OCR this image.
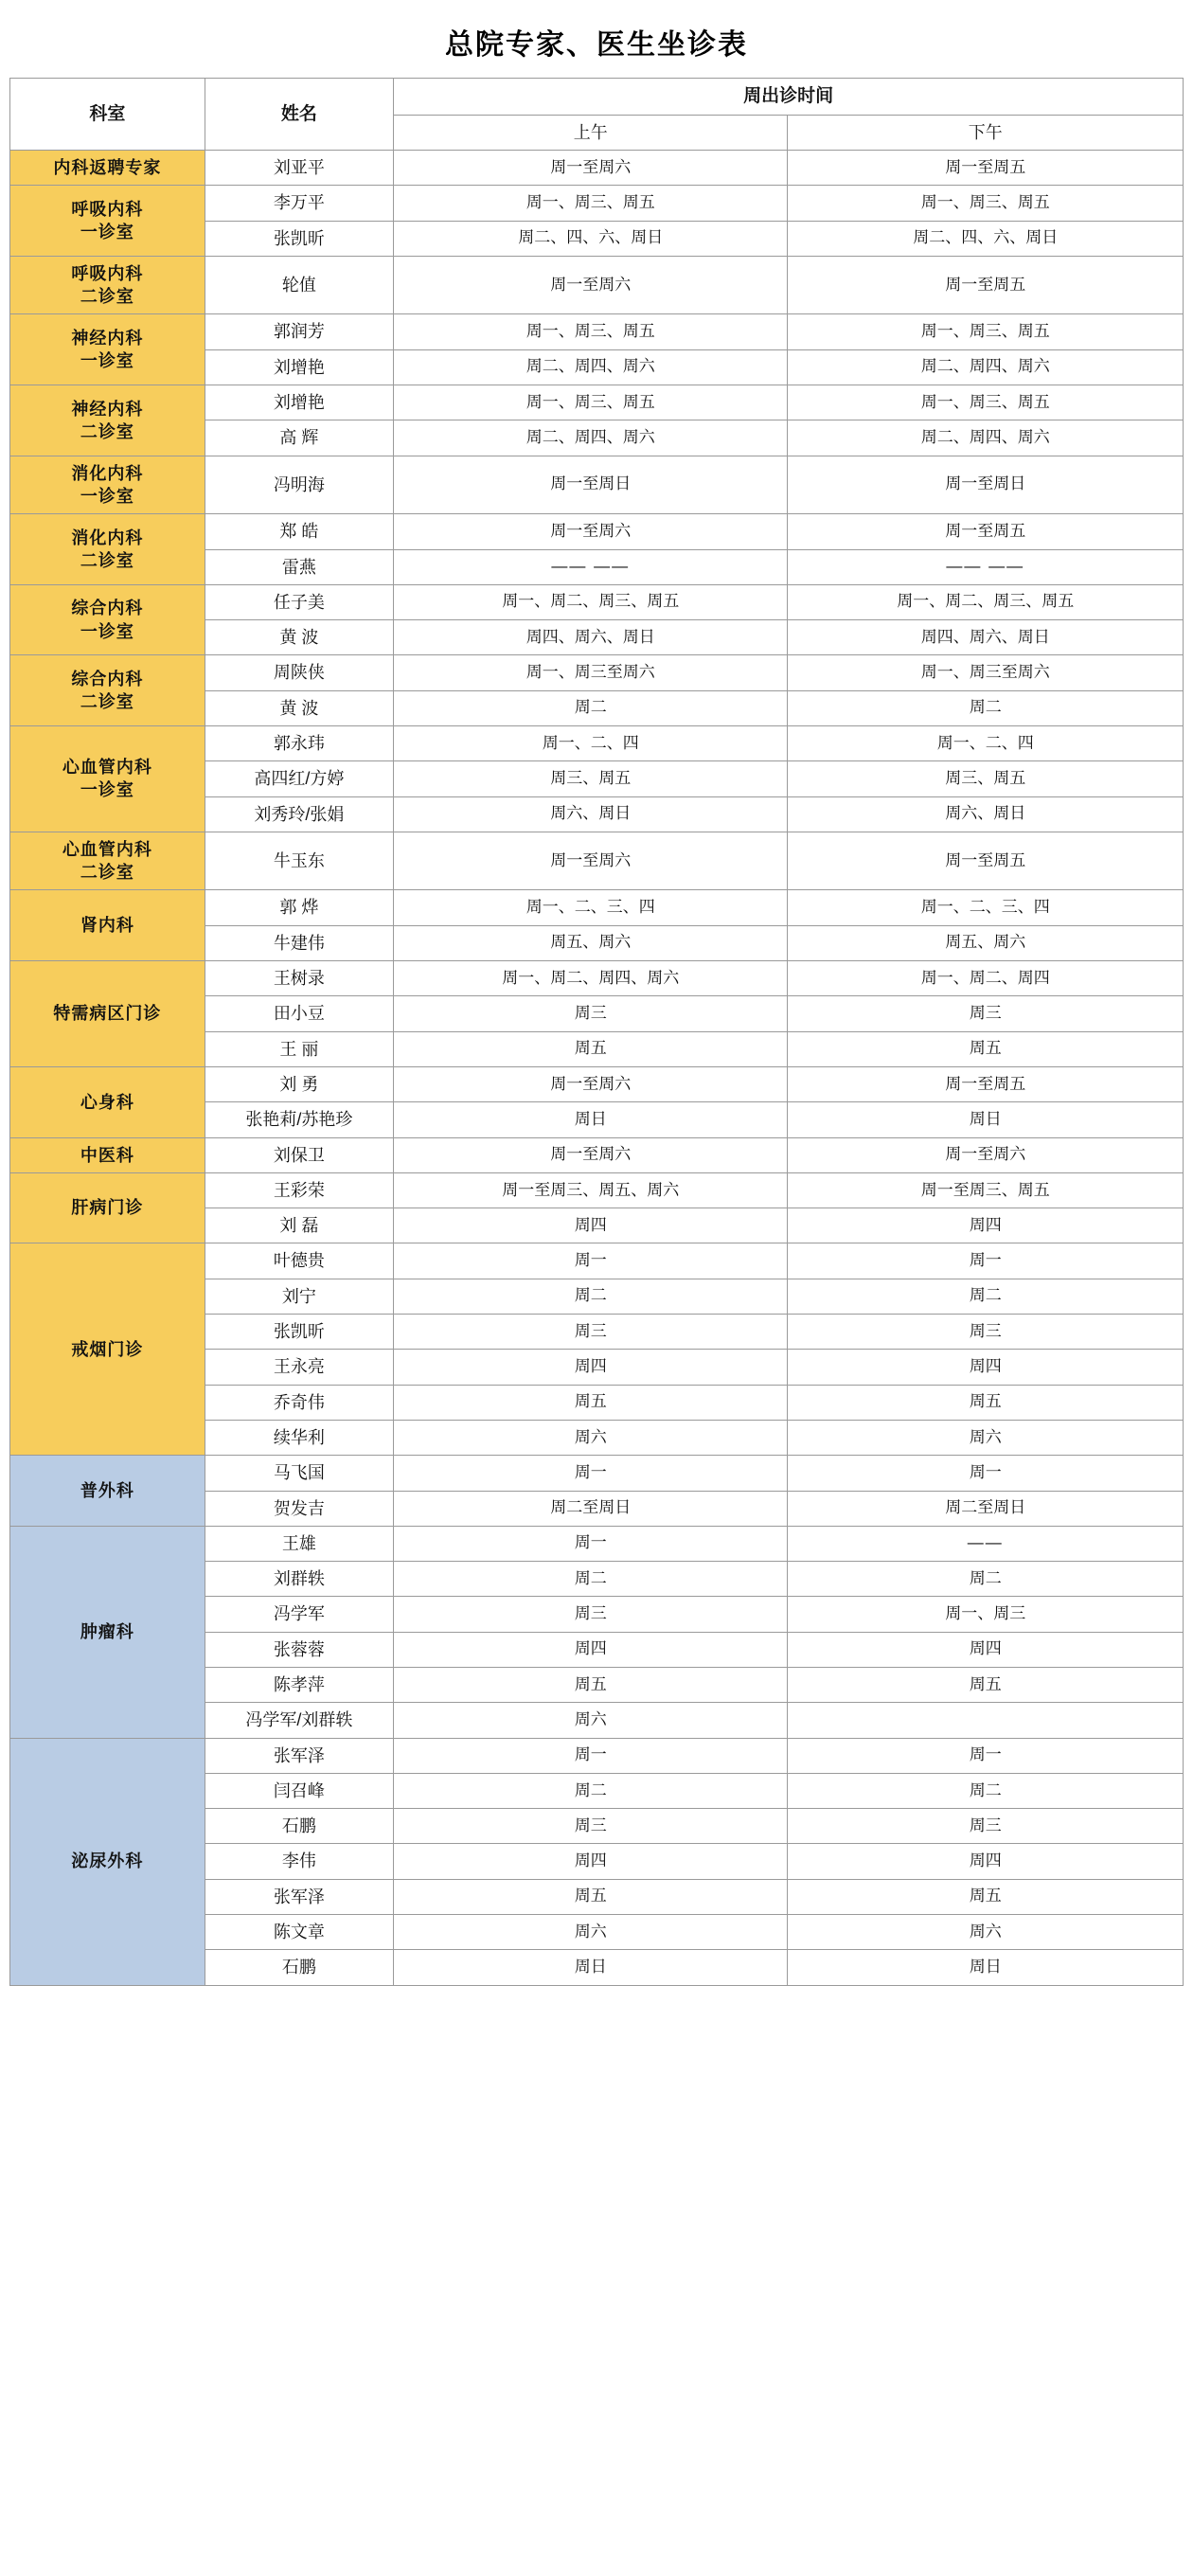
总院专家、医生坐诊表
科室	姓名	周出诊时间	
		上午	下午
内科返聘专家	刘亚平	周一至周六	周一至周五
呼吸内科
一诊室	李万平	周一、周三、周五	周一、周三、周五
	张凯昕	周二、四、六、周日	周二、四、六、周日
呼吸内科
二诊室	轮值	周一至周六	周一至周五
神经内科
一诊室	郭润芳	周一、周三、周五	周一、周三、周五
	刘增艳	周二、周四、周六	周二、周四、周六
神经内科
二诊室	刘增艳	周一、周三、周五	周一、周三、周五
	高 辉	周二、周四、周六	周二、周四、周六
消化内科
一诊室	冯明海	周一至周日	周一至周日
消化内科
二诊室	郑 皓	周一至周六	周一至周五
	雷燕	—— ——	—— ——
综合内科
一诊室	任子美	周一、周二、周三、周五	周一、周二、周三、周五
	黄 波	周四、周六、周日	周四、周六、周日
综合内科
二诊室	周陕侠	周一、周三至周六	周一、周三至周六
	黄 波	周二	周二
心血管内科
一诊室	郭永玮	周一、二、四	周一、二、四
	高四红/方婷	周三、周五	周三、周五
	刘秀玲/张娟	周六、周日	周六、周日
心血管内科
二诊室	牛玉东	周一至周六	周一至周五
肾内科	郭 烨	周一、二、三、四	周一、二、三、四
	牛建伟	周五、周六	周五、周六
特需病区门诊	王树录	周一、周二、周四、周六	周一、周二、周四
	田小豆	周三	周三
	王 丽	周五	周五
心身科	刘 勇	周一至周六	周一至周五
	张艳莉/苏艳珍	周日	周日
中医科	刘保卫	周一至周六	周一至周六
肝病门诊	王彩荣	周一至周三、周五、周六	周一至周三、周五
	刘 磊	周四	周四
戒烟门诊	叶德贵	周一	周一
	刘宁	周二	周二
	张凯昕	周三	周三
	王永亮	周四	周四
	乔奇伟	周五	周五
	续华利	周六	周六
普外科	马飞国	周一	周一
	贺发吉	周二至周日	周二至周日
肿瘤科	王雄	周一	——
	刘群轶	周二	周二
	冯学军	周三	周一、周三
	张蓉蓉	周四	周四
	陈孝萍	周五	周五
	冯学军/刘群轶	周六	
泌尿外科	张军泽	周一	周一
	闫召峰	周二	周二
	石鹏	周三	周三
	李伟	周四	周四
	张军泽	周五	周五
	陈文章	周六	周六
	石鹏	周日	周日
